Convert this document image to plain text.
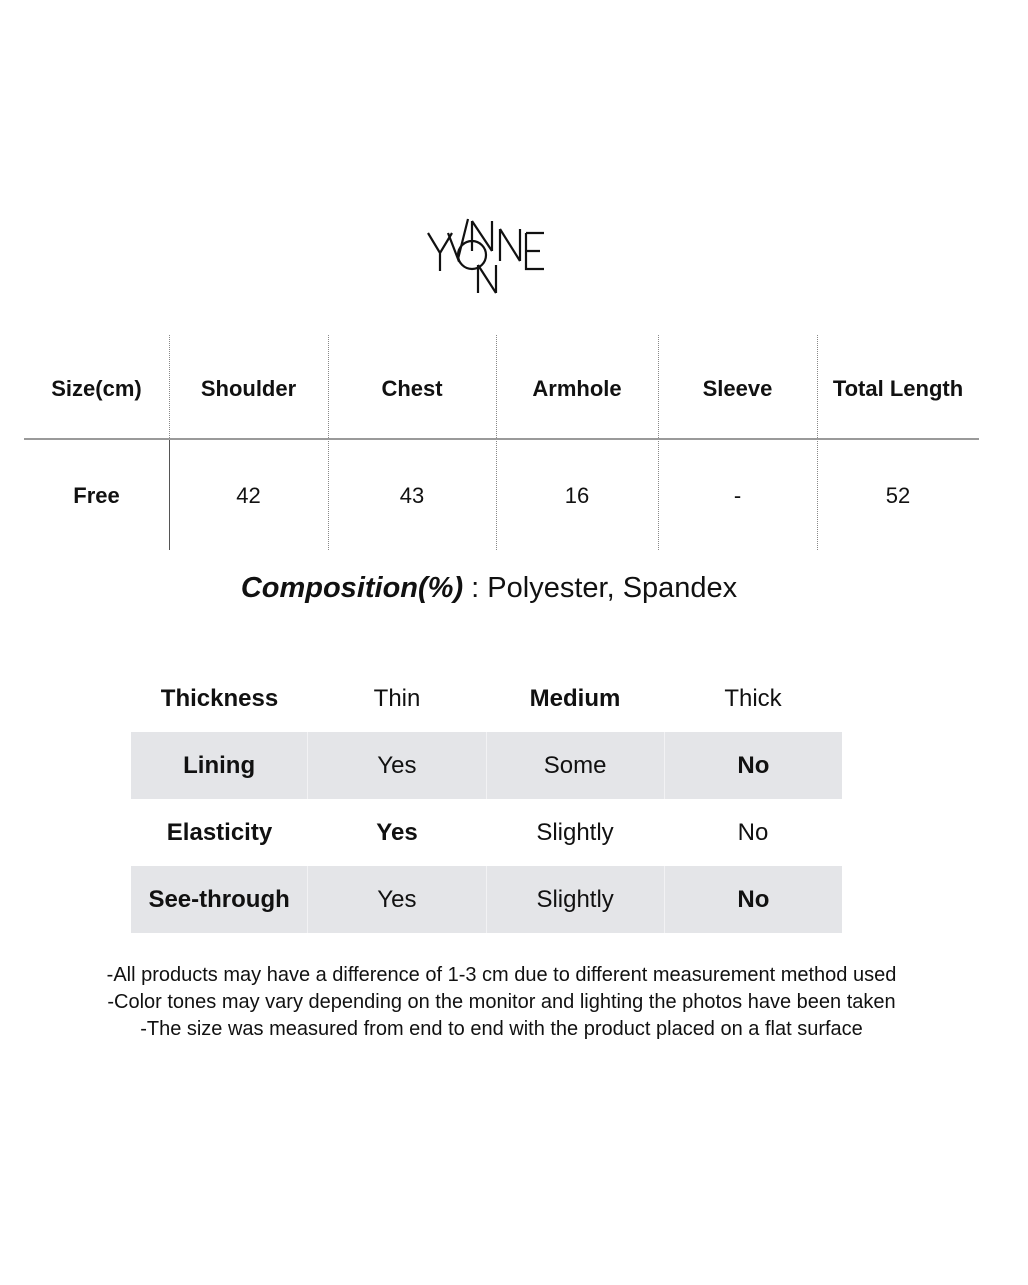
Size(cm)	Shoulder	Chest	Armhole	Sleeve	Total Length
Free	42	43	16	-	52
Composition(%) : Polyester, Spandex
Thickness	Thin	Medium	Thick
Lining	Yes	Some	No
Elasticity	Yes	Slightly	No
See-through	Yes	Slightly	No
-All products may have a difference of 1-3 cm due to different measurement method used
-Color tones may vary depending on the monitor and lighting the photos have been taken
-The size was measured from end to end with the product placed on a flat surface
